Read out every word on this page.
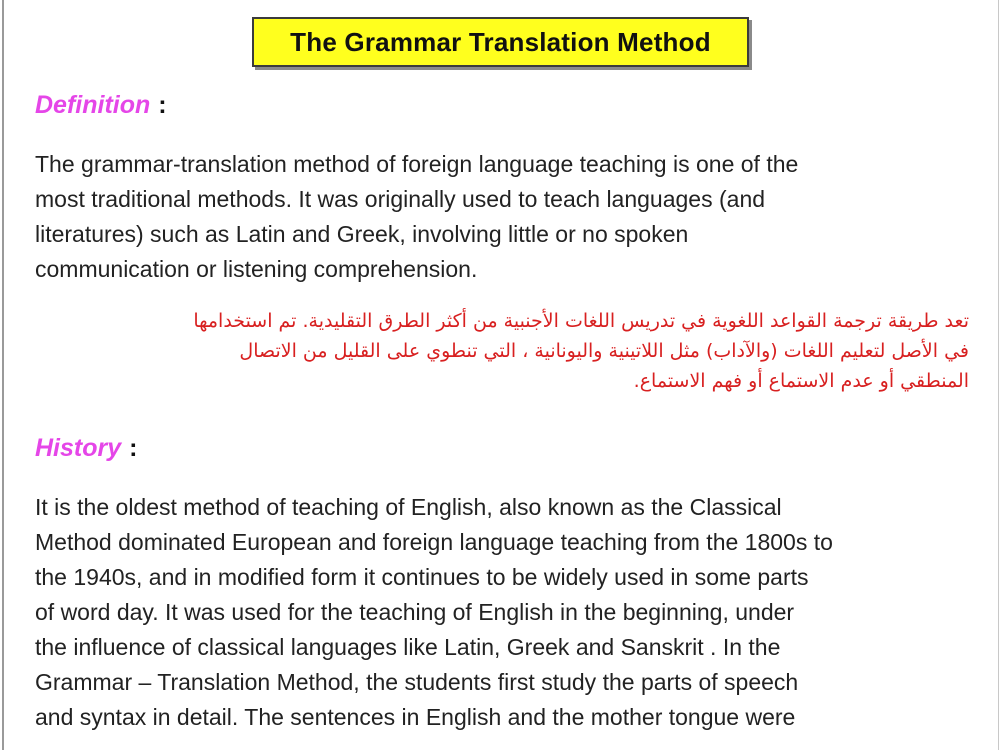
The Grammar Translation Method
Definition :
The grammar-translation method of foreign language teaching is one of the
most traditional methods. It was originally used to teach languages (and
literatures) such as Latin and Greek, involving little or no spoken
communication or listening comprehension.
تعد طريقة ترجمة القواعد اللغوية في تدريس اللغات الأجنبية من أكثر الطرق التقليدية. تم استخدامها
في الأصل لتعليم اللغات (والآداب) مثل اللاتينية واليونانية ، التي تنطوي على القليل من الاتصال
المنطقي أو عدم الاستماع أو فهم الاستماع.
History :
It is the oldest method of teaching of English, also known as the Classical
Method dominated European and foreign language teaching from the 1800s to
the 1940s, and in modified form it continues to be widely used in some parts
of word day. It was used for the teaching of English in the beginning, under
the influence of classical languages like Latin, Greek and Sanskrit . In the
Grammar – Translation Method, the students first study the parts of speech
and syntax in detail. The sentences in English and the mother tongue were
